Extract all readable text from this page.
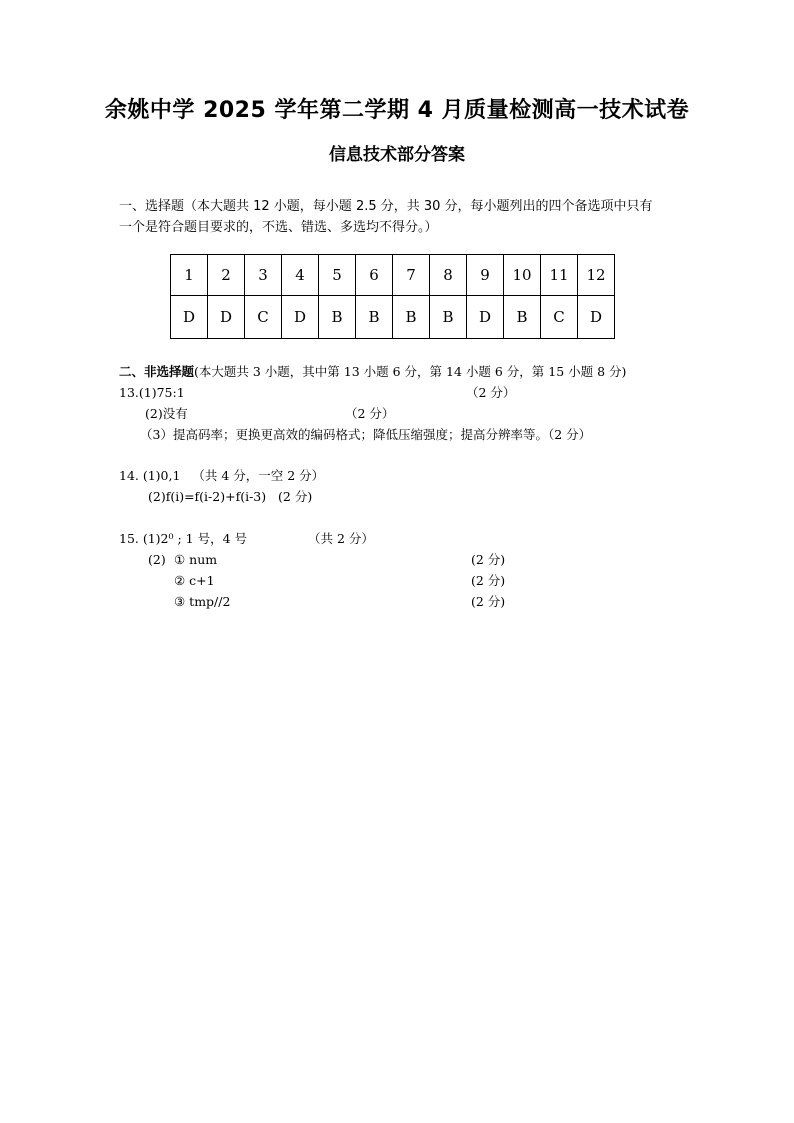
余姚中学 2025 学年第二学期 4 月质量检测高一技术试卷
信息技术部分答案
一、选择题（本大题共 12 小题，每小题 2.5 分，共 30 分，每小题列出的四个备选项中只有
一个是符合题目要求的，不选、错选、多选均不得分。）
1	2	3	4	5	6	7	8	9	10	11	12
D	D	C	D	B	B	B	B	D	B	C	D
二、非选择题(本大题共 3 小题，其中第 13 小题 6 分，第 14 小题 6 分，第 15 小题 8 分)
13.(1)75:1	（2 分）
(2)没有	（2 分）
（3）提高码率；更换更高效的编码格式；降低压缩强度；提高分辨率等。（2 分）
14. (1)0,1   （共 4 分，一空 2 分）
(2)f(i)=f(i-2)+f(i-3)   (2 分)
15. (1)2⁰ ; 1 号，4 号	（共 2 分）
(2) ① num	(2 分)
② c+1	(2 分)
③ tmp//2	(2 分)
